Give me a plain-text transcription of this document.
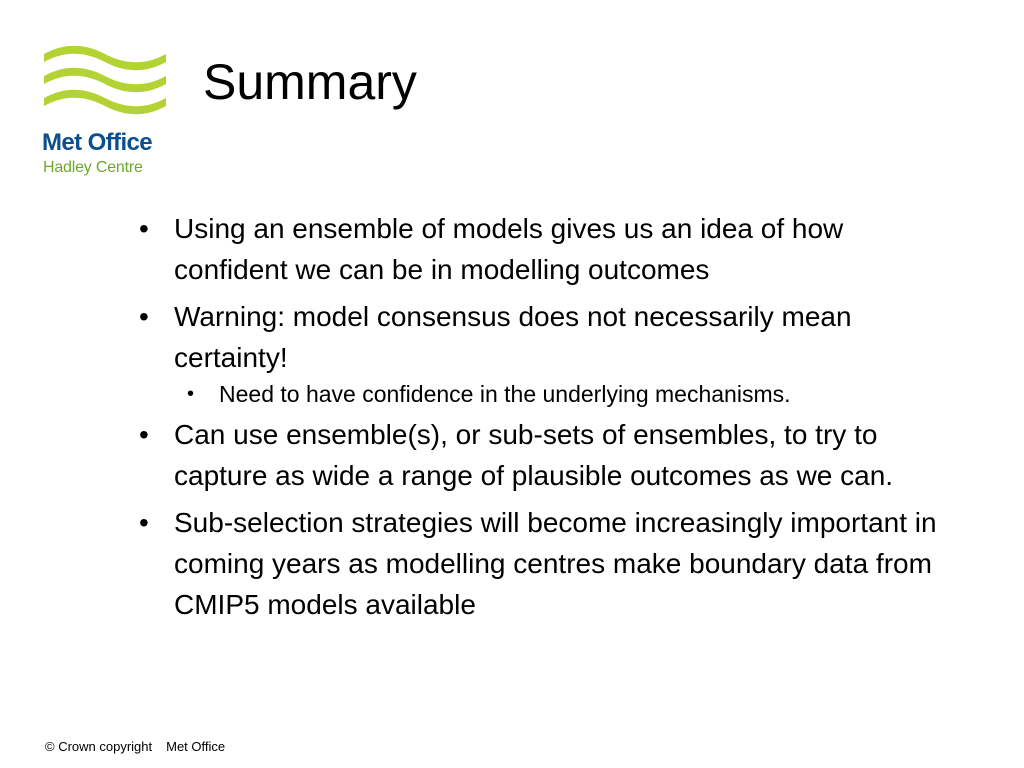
Met Office
Hadley Centre
Summary
• Using an ensemble of models gives us an idea of how confident we can be in modelling outcomes
• Warning: model consensus does not necessarily mean certainty!
• Need to have confidence in the underlying mechanisms.
• Can use ensemble(s), or sub-sets of ensembles, to try to capture as wide a range of plausible outcomes as we can.
• Sub-selection strategies will become increasingly important in coming years as modelling centres make boundary data from CMIP5 models available
© Crown copyright Met Office
